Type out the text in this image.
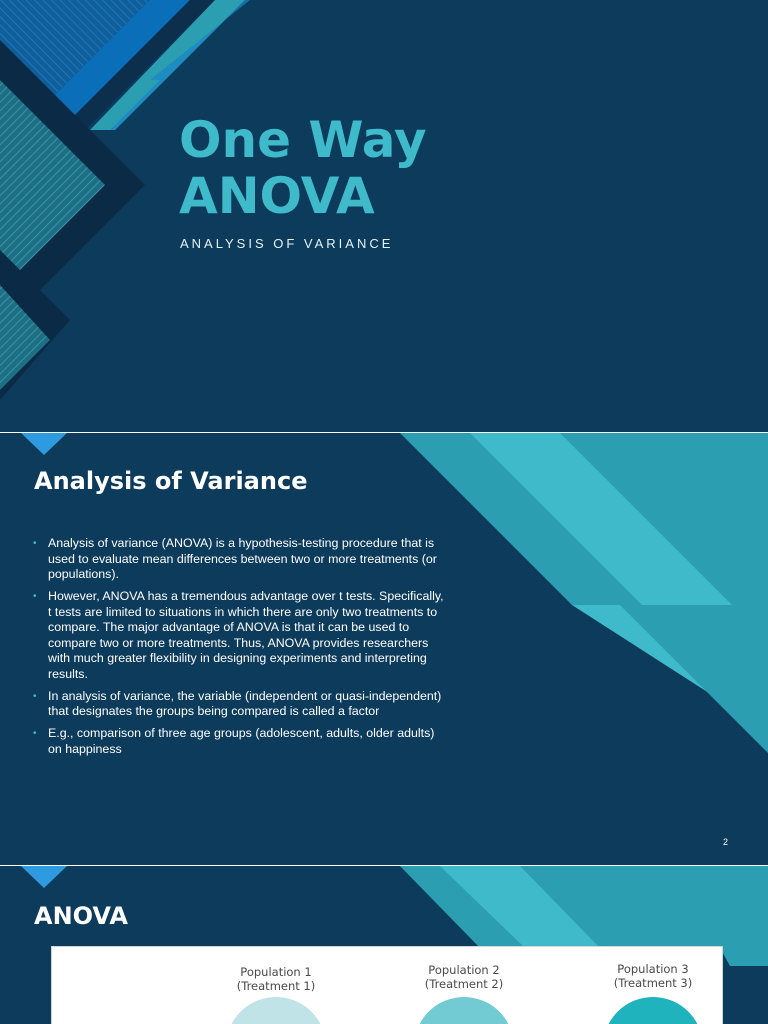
One Way
ANOVA

ANALYSIS OF VARIANCE

Analysis of Variance
• Analysis of variance (ANOVA) is a hypothesis-testing procedure that is used to evaluate mean differences between two or more treatments (or populations).
• However, ANOVA has a tremendous advantage over t tests. Specifically, t tests are limited to situations in which there are only two treatments to compare. The major advantage of ANOVA is that it can be used to compare two or more treatments. Thus, ANOVA provides researchers with much greater flexibility in designing experiments and interpreting results.
• In analysis of variance, the variable (independent or quasi-independent) that designates the groups being compared is called a factor
• E.g., comparison of three age groups (adolescent, adults, older adults) on happiness

2

ANOVA
Population 1
(Treatment 1)
Population 2
(Treatment 2)
Population 3
(Treatment 3)
